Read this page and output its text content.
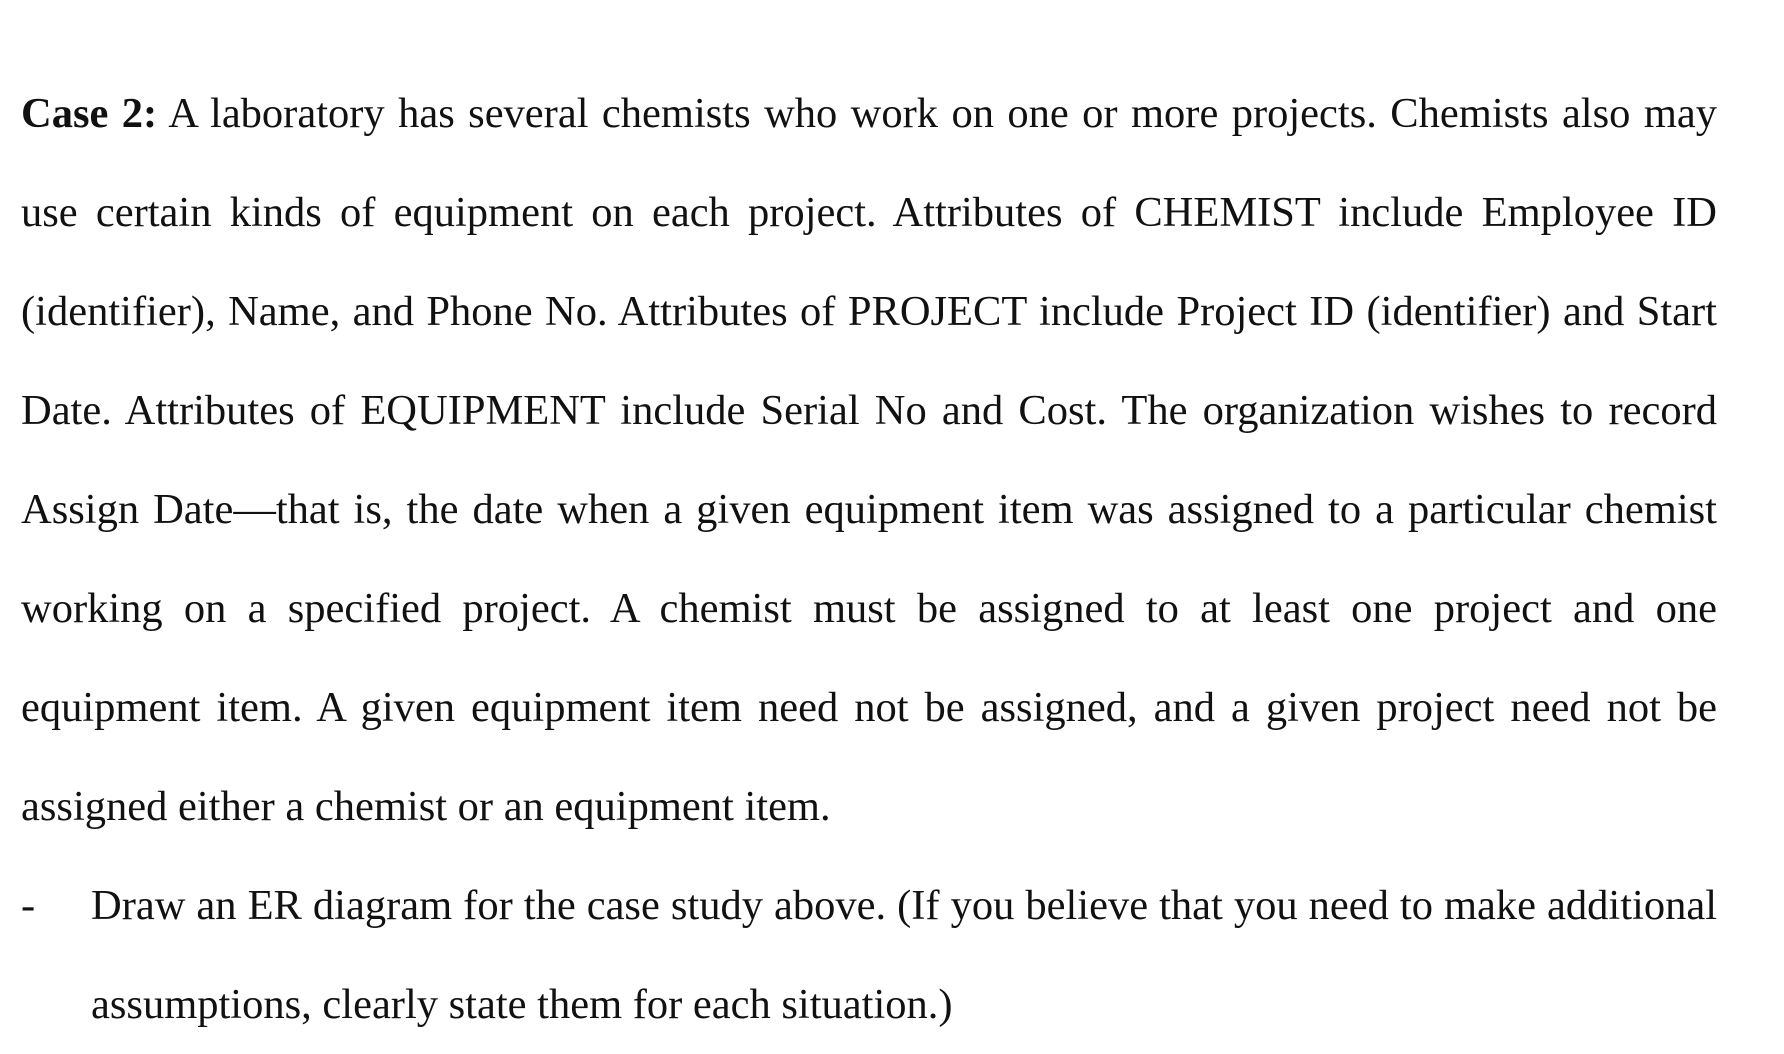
Case 2: A laboratory has several chemists who work on one or more projects. Chemists also may
use certain kinds of equipment on each project. Attributes of CHEMIST include Employee ID
(identifier), Name, and Phone No. Attributes of PROJECT include Project ID (identifier) and Start
Date. Attributes of EQUIPMENT include Serial No and Cost. The organization wishes to record
Assign Date—that is, the date when a given equipment item was assigned to a particular chemist
working on a specified project. A chemist must be assigned to at least one project and one
equipment item. A given equipment item need not be assigned, and a given project need not be
assigned either a chemist or an equipment item.
- Draw an ER diagram for the case study above. (If you believe that you need to make additional
assumptions, clearly state them for each situation.)
